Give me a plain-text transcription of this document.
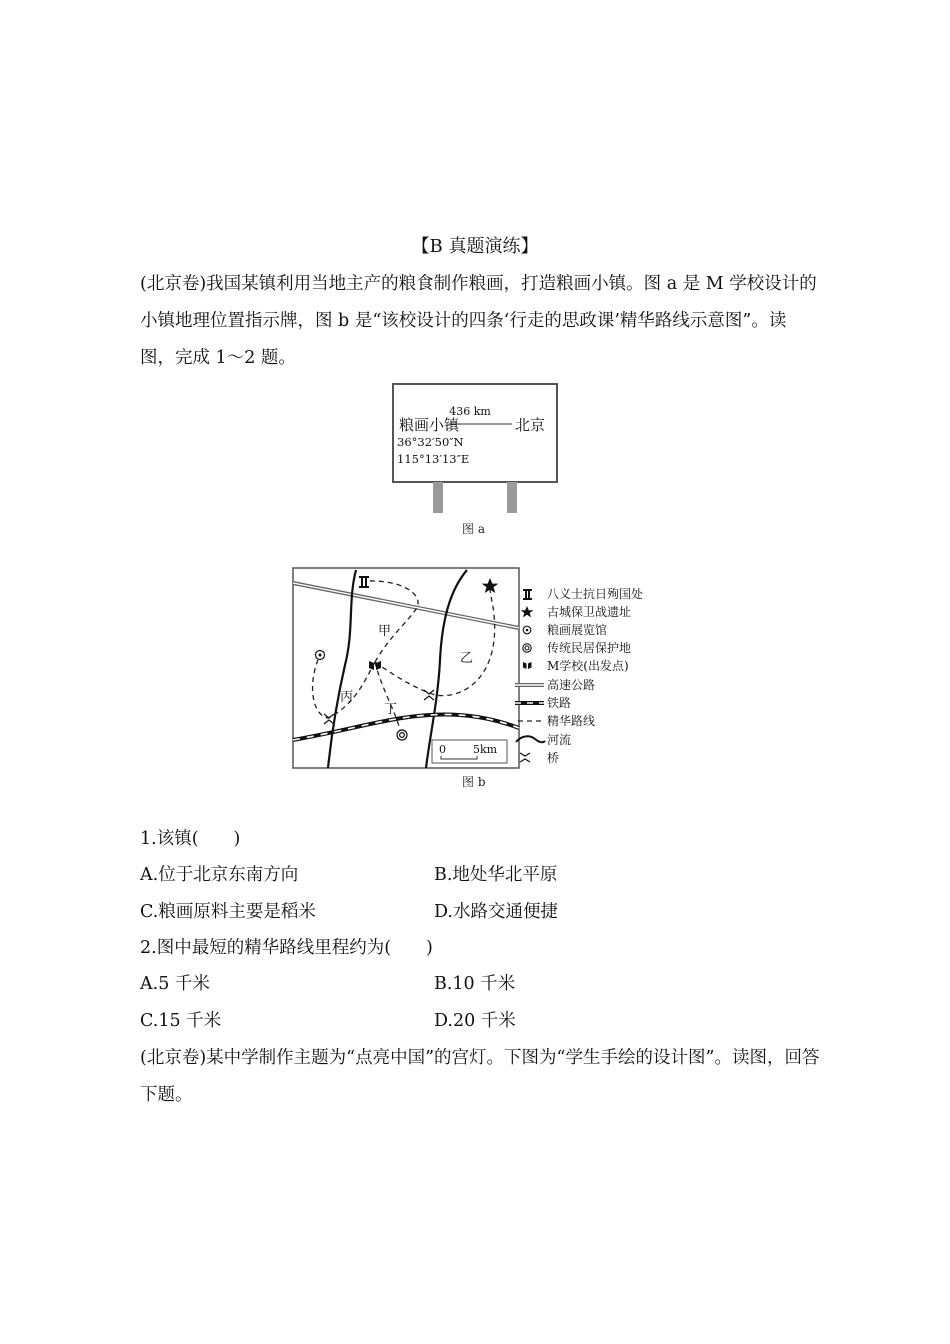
【B 真题演练】
(北京卷)我国某镇利用当地主产的粮食制作粮画，打造粮画小镇。图 a 是 M 学校设计的小镇地理位置指示牌，图 b 是“该校设计的四条‘行走的思政课’精华路线示意图”。读图，完成 1～2 题。
粮画小镇
436 km
北京
36°32′50″N
115°13′13″E
图 a
甲
乙
丙
丁
0 5km
八义士抗日殉国处
古城保卫战遗址
粮画展览馆
传统民居保护地
M学校(出发点)
高速公路
铁路
精华路线
河流
桥
图 b
1.该镇(　　)
A.位于北京东南方向	B.地处华北平原
C.粮画原料主要是稻米	D.水路交通便捷
2.图中最短的精华路线里程约为(　　)
A.5 千米	B.10 千米
C.15 千米	D.20 千米
(北京卷)某中学制作主题为“点亮中国”的宫灯。下图为“学生手绘的设计图”。读图，回答下题。
